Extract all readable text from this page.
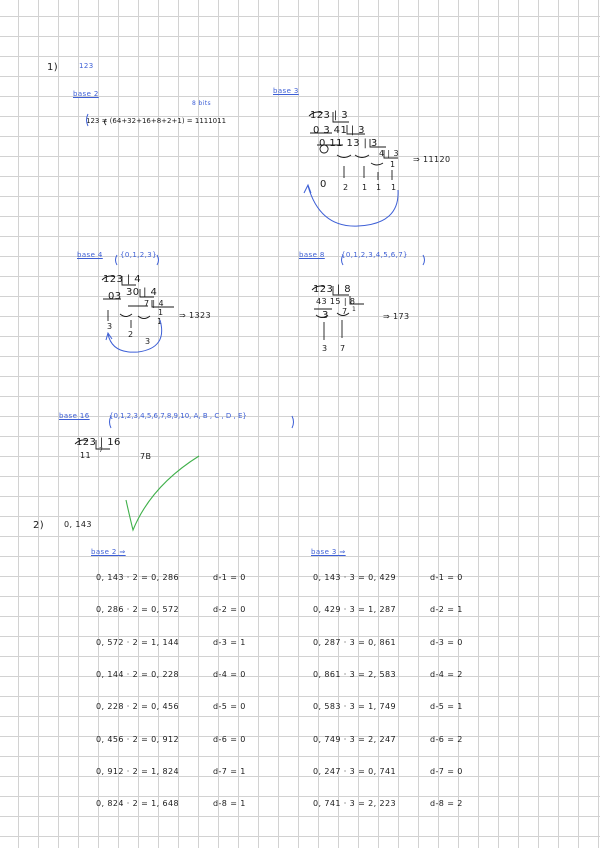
1)	123
base 2
8 bits
123 = (64+32+16+8+2+1) = 1111011
base 3
123 | 3
0 3 41 | 3
0 11 13 | 3
4 | 3
1
0 2 1 1 1
⇒ 11120
base 4 {0,1,2,3}
123 | 4
30 | 4
03
7 | 4
1
3
2
3
1
⇒ 1323
base 8 {0,1,2,3,4,5,6,7}
123 | 8
43 15 | 8
3 7 1
3 7
⇒ 173
base 16	{0,1,2,3,4,5,6,7,8,9,10, A, B , C , D , E}
123 | 16
11
7
7B
2) 0, 143
base 2 ⇒	base 3 ⇒
0, 143 · 2 = 0, 286	d-1 = 0
0, 286 · 2 = 0, 572	d-2 = 0
0, 572 · 2 = 1, 144	d-3 = 1
0, 144 · 2 = 0, 228	d-4 = 0
0, 228 · 2 = 0, 456	d-5 = 0
0, 456 · 2 = 0, 912	d-6 = 0
0, 912 · 2 = 1, 824	d-7 = 1
0, 824 · 2 = 1, 648	d-8 = 1
0, 143 · 3 = 0, 429	d-1 = 0
0, 429 · 3 = 1, 287	d-2 = 1
0, 287 · 3 = 0, 861	d-3 = 0
0, 861 · 3 = 2, 583	d-4 = 2
0, 583 · 3 = 1, 749	d-5 = 1
0, 749 · 3 = 2, 247	d-6 = 2
0, 247 · 3 = 0, 741	d-7 = 0
0, 741 · 3 = 2, 223	d-8 = 2
